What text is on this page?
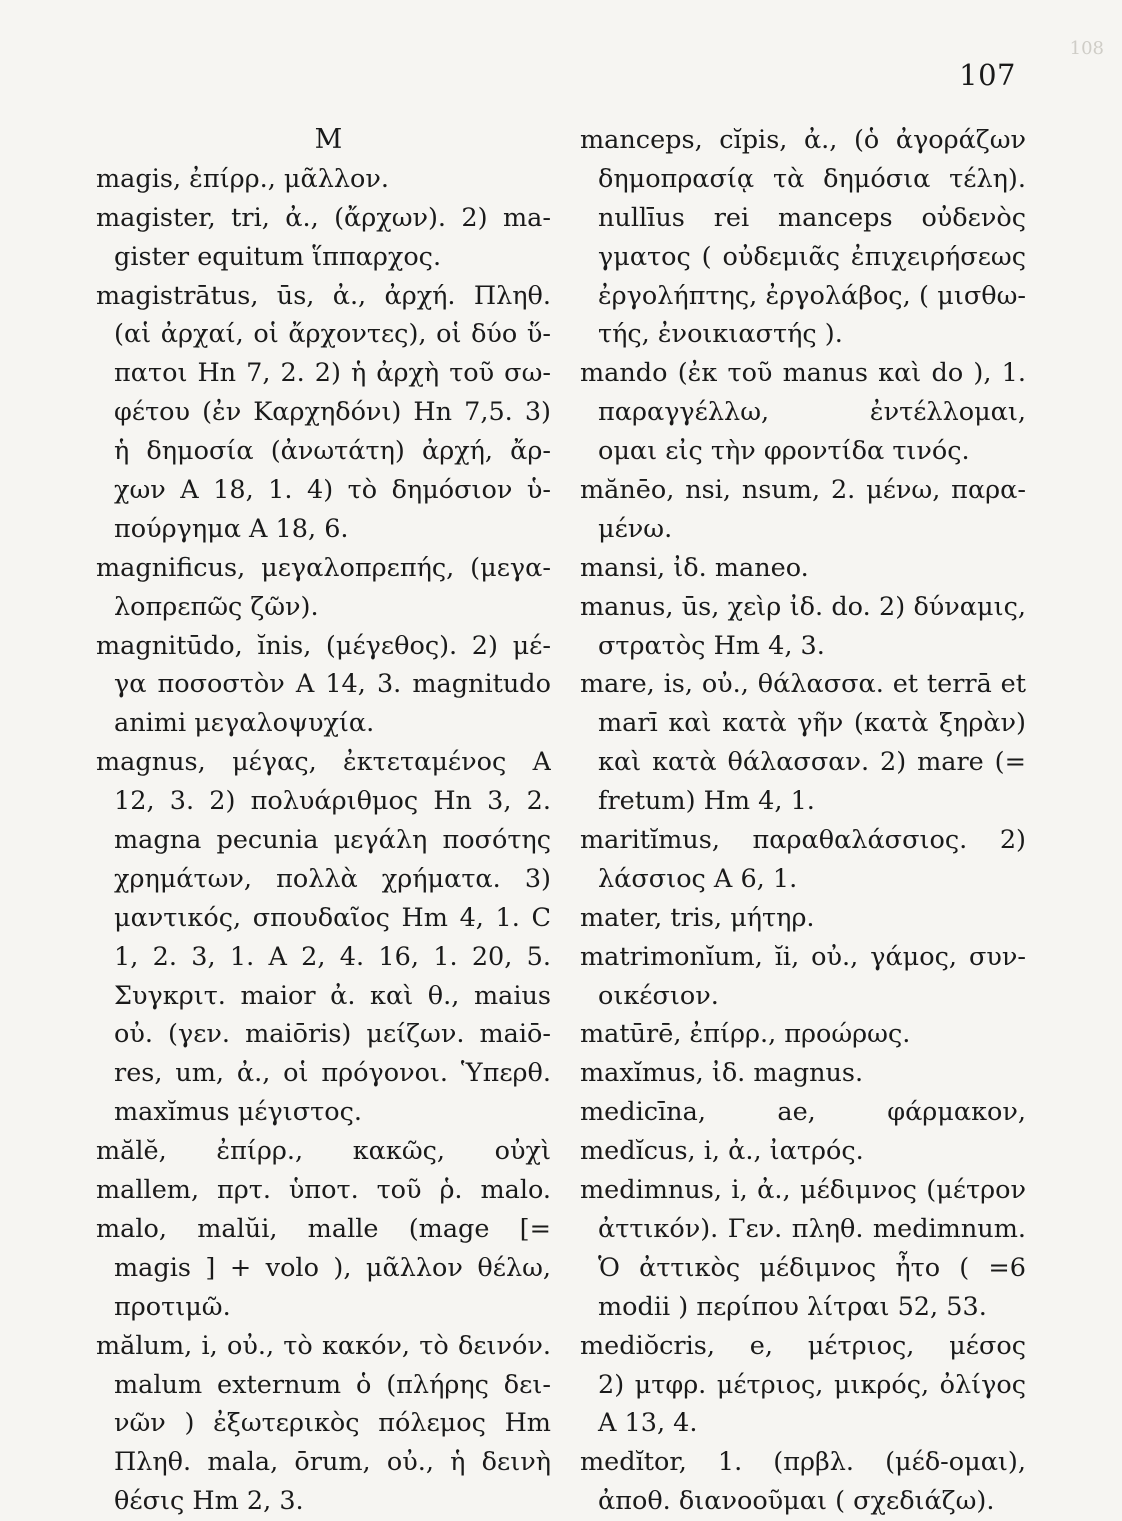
108
107
M
magis, ἐπίρρ., μᾶλλον.
magister, tri, ἀ., (ἄρχων). 2) ma-
gister equitum ἵππαρχος.
magistrātus, ūs, ἀ., ἀρχή. Πληθ.
(αἱ ἀρχαί, οἱ ἄρχοντες), οἱ δύο ὕ-
πατοι Hn 7, 2. 2) ἡ ἀρχὴ τοῦ σω-
φέτου (ἐν Καρχηδόνι) Hn 7,5. 3)
ἡ δημοσία (ἀνωτάτη) ἀρχή, ἄρ-
χων A 18, 1. 4) τὸ δημόσιον ὑ-
πούργημα A 18, 6.
magnificus, μεγαλοπρεπής, (μεγα-
λοπρεπῶς ζῶν).
magnitūdo, ĭnis, (μέγεθος). 2) μέ-
γα ποσοστὸν A 14, 3. magnitudo
animi μεγαλοψυχία.
magnus, μέγας, ἐκτεταμένος A
12, 3. 2) πολυάριθμος Hn 3, 2.
magna pecunia μεγάλη ποσότης
χρημάτων, πολλὰ χρήματα. 3)
μαντικός, σπουδαῖος Hm 4, 1. C
1, 2. 3, 1. A 2, 4. 16, 1. 20, 5.
Συγκριτ. maior ἀ. καὶ θ., maius
οὐ. (γεν. maiōris) μείζων. maiō-
res, um, ἀ., οἱ πρόγονοι. Ὑπερθ.
maxĭmus μέγιστος.
mălĕ, ἐπίρρ., κακῶς, οὐχὶ
mallem, πρτ. ὑποτ. τοῦ ῥ. malo.
malo, malŭi, malle (mage [=
magis ] + volo ), μᾶλλον θέλω,
προτιμῶ.
mălum, i, οὐ., τὸ κακόν, τὸ δεινόν.
malum externum ὁ (πλήρης δει-
νῶν ) ἐξωτερικὸς πόλεμος Hm
Πληθ. mala, ōrum, οὐ., ἡ δεινὴ
θέσις Hm 2, 3.
manceps, cĭpis, ἀ., (ὁ ἀγοράζων
δημοπρασίᾳ τὰ δημόσια τέλη).
nullīus rei manceps οὐδενὸς
γματος ( οὐδεμιᾶς ἐπιχειρήσεως
ἐργολήπτης, ἐργολάβος, ( μισθω-
τής, ἐνοικιαστής ).
mando (ἐκ τοῦ manus καὶ do ), 1.
παραγγέλλω, ἐντέλλομαι,
ομαι εἰς τὴν φροντίδα τινός.
mănēo, nsi, nsum, 2. μένω, παρα-
μένω.
mansi, ἰδ. maneo.
manus, ūs, χεὶρ ἰδ. do. 2) δύναμις,
στρατὸς Hm 4, 3.
mare, is, οὐ., θάλασσα. et terrā et
marī καὶ κατὰ γῆν (κατὰ ξηρὰν)
καὶ κατὰ θάλασσαν. 2) mare (=
fretum) Hm 4, 1.
maritĭmus, παραθαλάσσιος. 2)
λάσσιος A 6, 1.
mater, tris, μήτηρ.
matrimonĭum, ĭi, οὐ., γάμος, συν-
οικέσιον.
matūrē, ἐπίρρ., προώρως.
maxĭmus, ἰδ. magnus.
medicīna, ae, φάρμακον,
medĭcus, i, ἀ., ἰατρός.
medimnus, i, ἀ., μέδιμνος (μέτρον
ἀττικόν). Γεν. πληθ. medimnum.
Ὁ ἀττικὸς μέδιμνος ἦτο ( =6
modii ) περίπου λίτραι 52, 53.
mediŏcris, e, μέτριος, μέσος
2) μτφρ. μέτριος, μικρός, ὀλίγος
A 13, 4.
medĭtor, 1. (πρβλ. (μέδ-ομαι),
ἀποθ. διανοοῦμαι ( σχεδιάζω).
